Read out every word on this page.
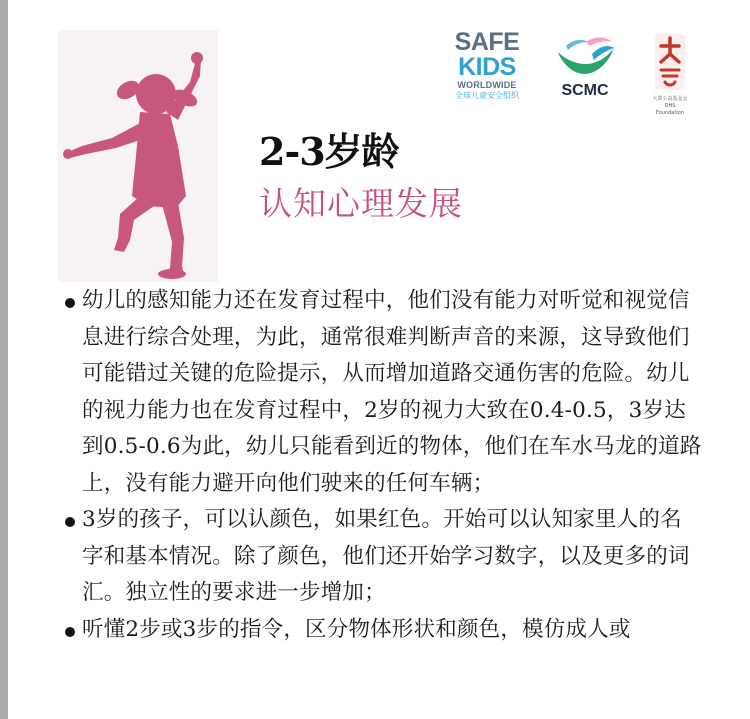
SAFE
KIDS
WORLDWIDE
全球儿童安全组织	SCMC	大眾公益基金会
DHS Foundation
2-3岁龄
认知心理发展
幼儿的感知能力还在发育过程中，他们没有能力对听觉和视觉信息进行综合处理，为此，通常很难判断声音的来源，这导致他们可能错过关键的危险提示，从而增加道路交通伤害的危险。幼儿的视力能力也在发育过程中，2岁的视力大致在0.4-0.5，3岁达到0.5-0.6为此，幼儿只能看到近的物体，他们在车水马龙的道路上，没有能力避开向他们驶来的任何车辆；
3岁的孩子，可以认颜色，如果红色。开始可以认知家里人的名字和基本情况。除了颜色，他们还开始学习数字，以及更多的词汇。独立性的要求进一步增加；
听懂2步或3步的指令，区分物体形状和颜色，模仿成人或
